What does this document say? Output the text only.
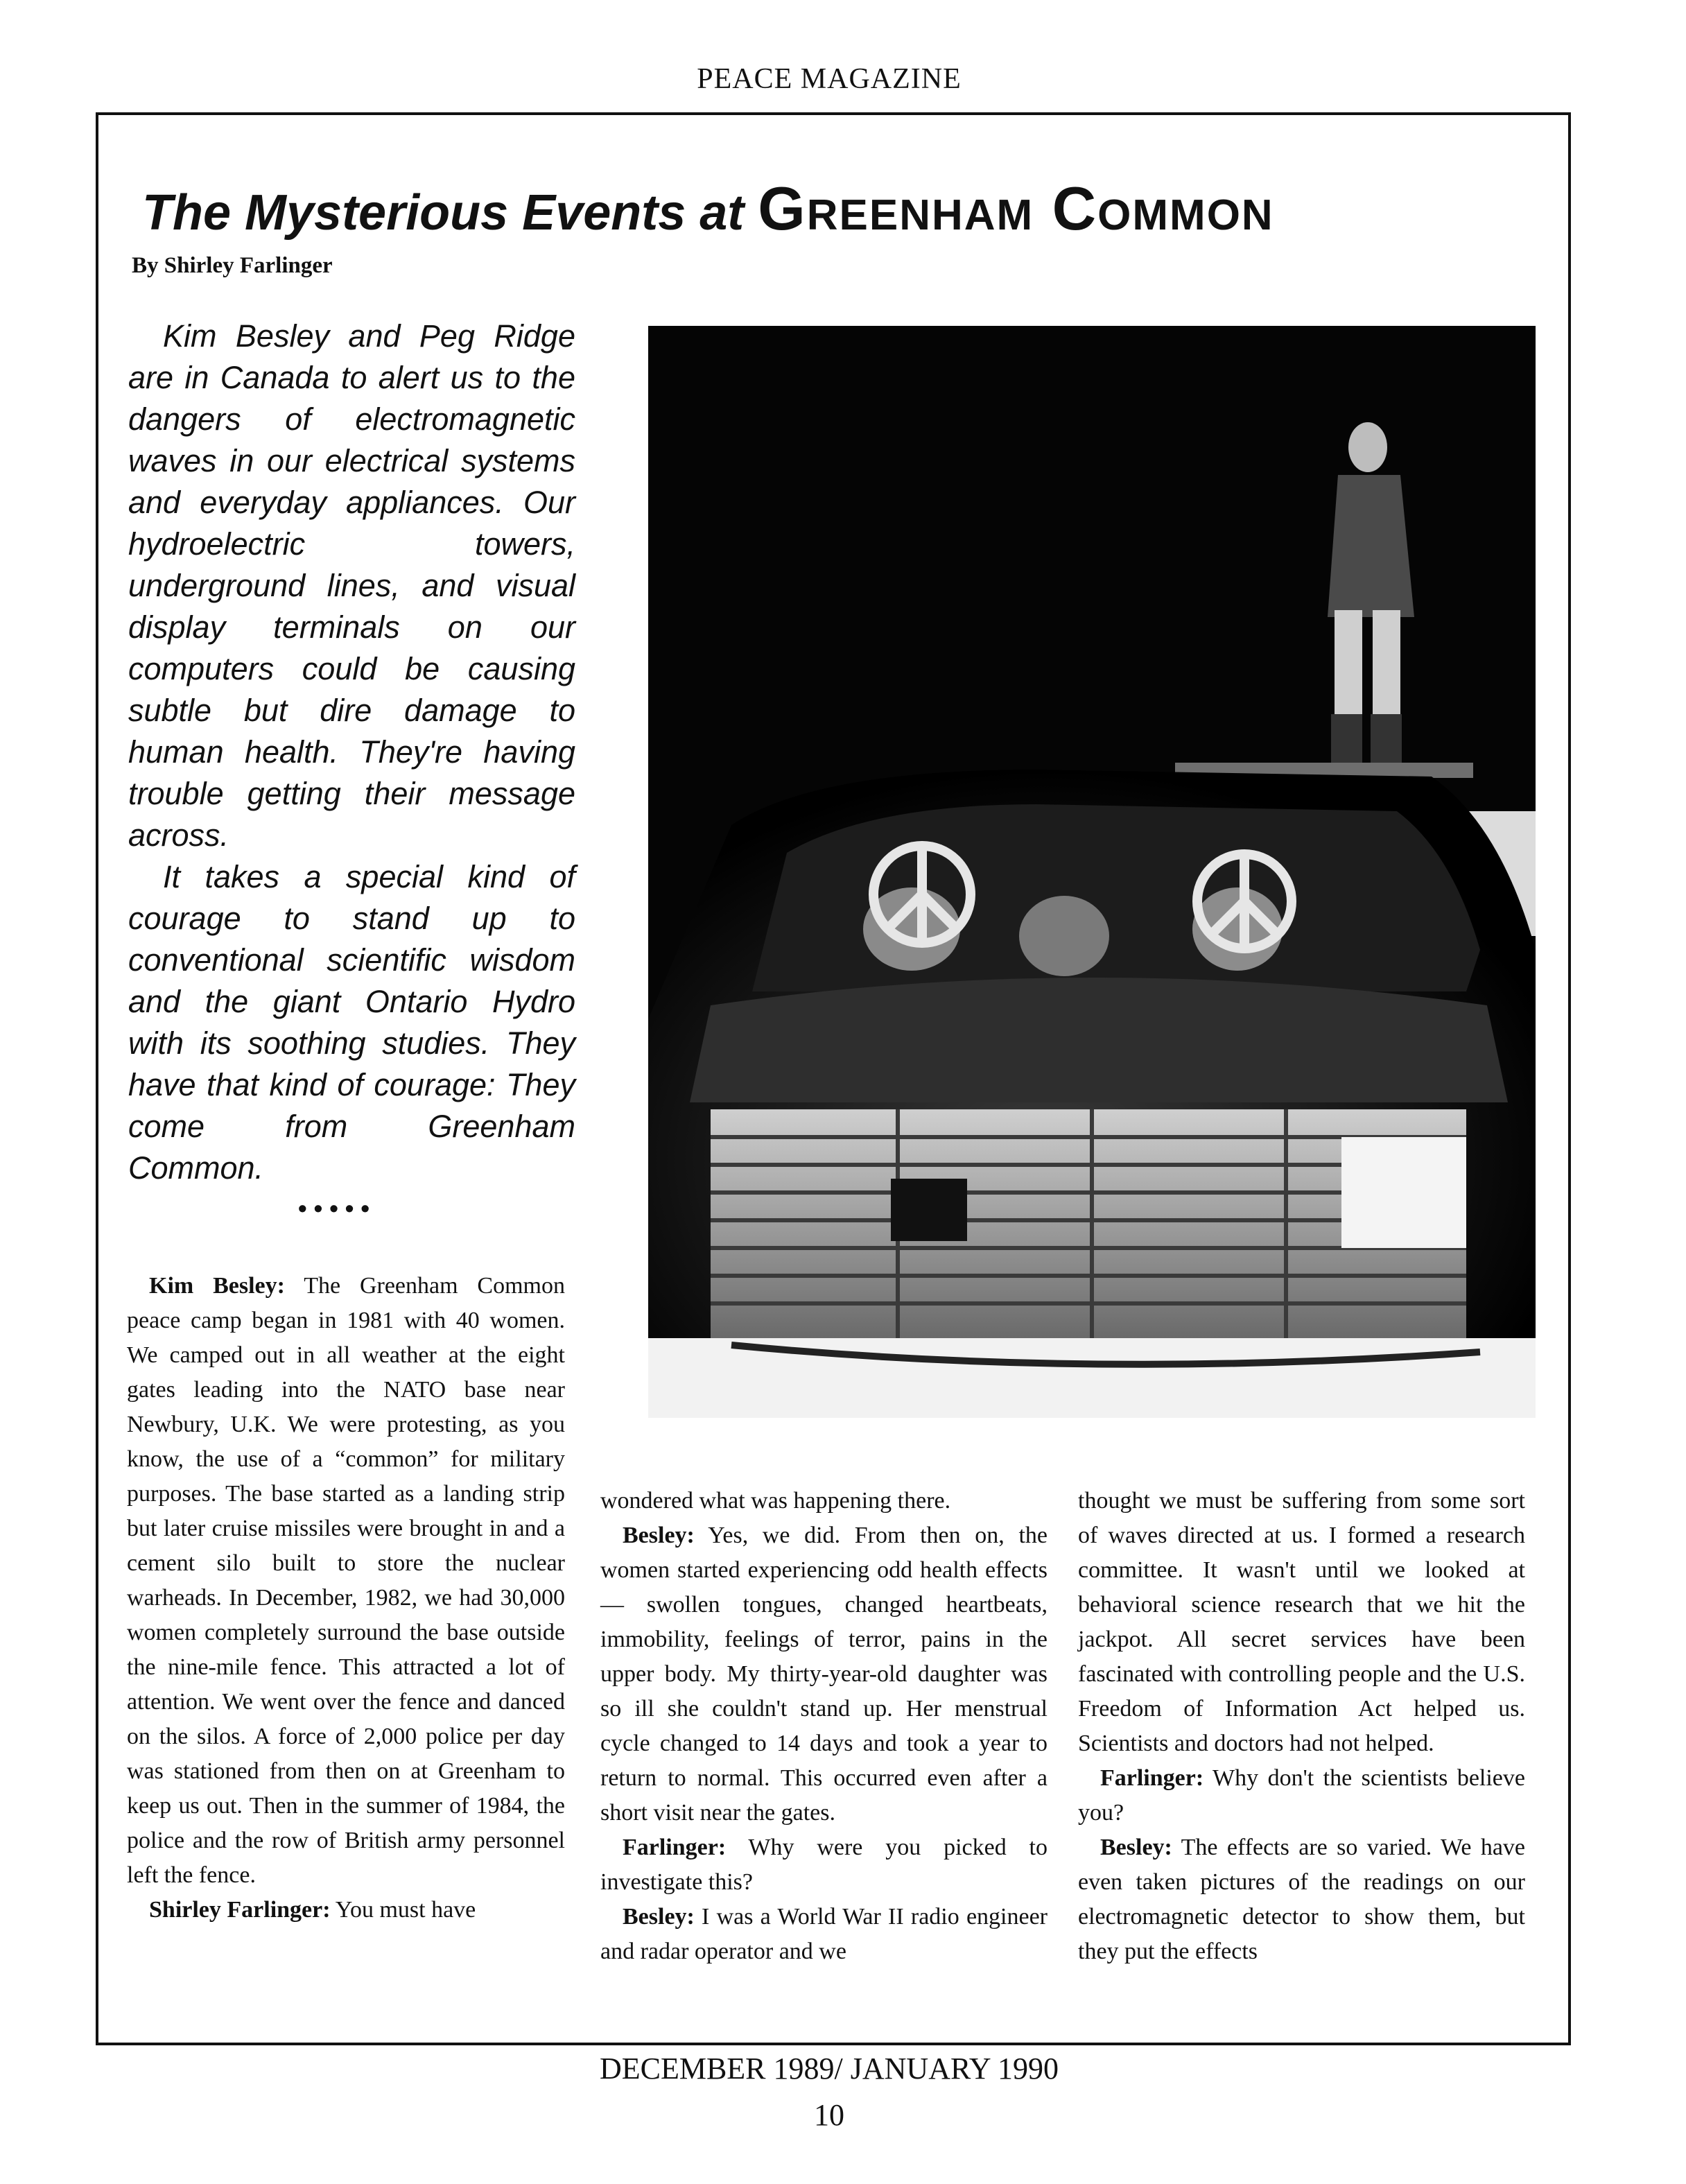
PEACE MAGAZINE
The Mysterious Events at Greenham Common
By Shirley Farlinger

Kim Besley and Peg Ridge are in Canada to alert us to the dangers of electromagnetic waves in our electrical systems and everyday appliances. Our hydroelectric towers, underground lines, and visual display terminals on our computers could be causing subtle but dire damage to human health. They're having trouble getting their message across.

It takes a special kind of courage to stand up to conventional scientific wisdom and the giant Ontario Hydro with its soothing studies. They have that kind of courage: They come from Greenham Common.

•••••

Kim Besley: The Greenham Common peace camp began in 1981 with 40 women. We camped out in all weather at the eight gates leading into the NATO base near Newbury, U.K. We were protesting, as you know, the use of a “common” for military purposes. The base started as a landing strip but later cruise missiles were brought in and a cement silo built to store the nuclear warheads. In December, 1982, we had 30,000 women completely surround the base outside the nine-mile fence. This attracted a lot of attention. We went over the fence and danced on the silos. A force of 2,000 police per day was stationed from then on at Greenham to keep us out. Then in the summer of 1984, the police and the row of British army personnel left the fence.

Shirley Farlinger: You must have

wondered what was happening there.

Besley: Yes, we did. From then on, the women started experiencing odd health effects — swollen tongues, changed heartbeats, immobility, feelings of terror, pains in the upper body. My thirty-year-old daughter was so ill she couldn't stand up. Her menstrual cycle changed to 14 days and took a year to return to normal. This occurred even after a short visit near the gates.

Farlinger: Why were you picked to investigate this?

Besley: I was a World War II radio engineer and radar operator and we

thought we must be suffering from some sort of waves directed at us. I formed a research committee. It wasn't until we looked at behavioral science research that we hit the jackpot. All secret services have been fascinated with controlling people and the U.S. Freedom of Information Act helped us. Scientists and doctors had not helped.

Farlinger: Why don't the scientists believe you?

Besley: The effects are so varied. We have even taken pictures of the readings on our electromagnetic detector to show them, but they put the effects

DECEMBER 1989/ JANUARY 1990
10
